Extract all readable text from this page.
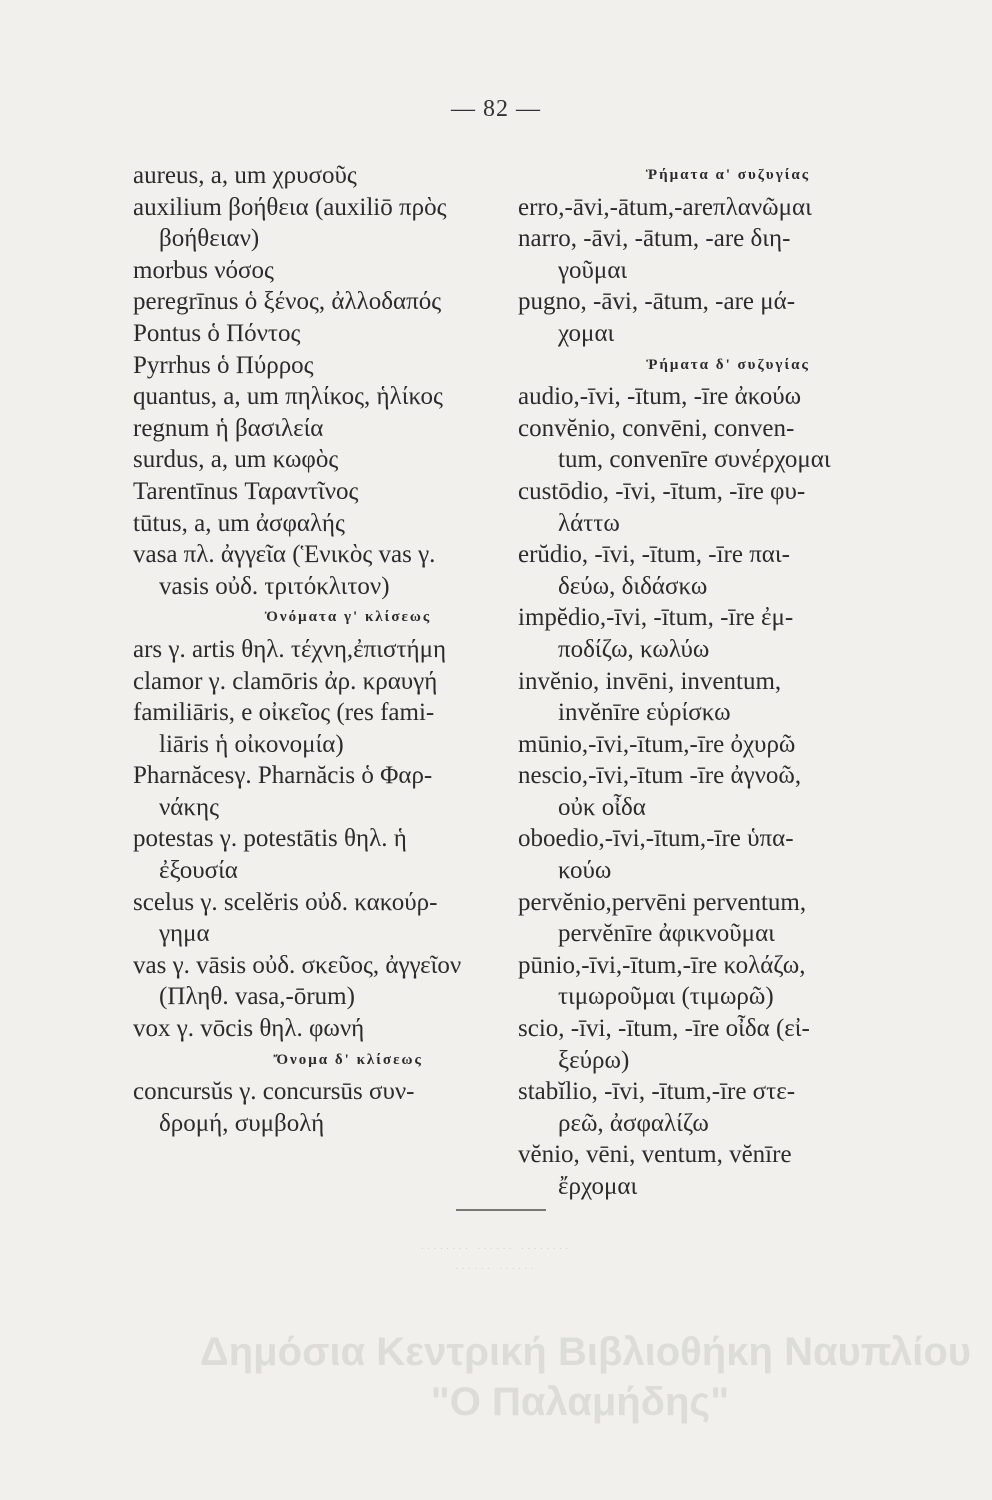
— 82 —
aureus, a, um χρυσοῦς
auxilium βοήθεια (auxiliō πρὸς
βοήθειαν)
morbus νόσος
peregrīnus ὁ ξένος, ἀλλοδαπός
Pontus ὁ Πόντος
Pyrrhus ὁ Πύρρος
quantus, a, um πηλίκος, ἡλίκος
regnum ἡ βασιλεία
surdus, a, um κωφὸς
Tarentīnus Ταραντῖνος
tūtus, a, um ἀσφαλής
vasa πλ. ἀγγεῖα (Ἑνικὸς vas γ.
vasis οὐδ. τριτόκλιτον)
Ὀνόματα γ' κλίσεως
ars γ. artis θηλ. τέχνη,ἐπιστήμη
clamor γ. clamōris ἀρ. κραυγή
familiāris, e οἰκεῖος (res fami-
liāris ἡ οἰκονομία)
Pharnăcesγ. Pharnăcis ὁ Φαρ-
νάκης
potestas γ. potestātis θηλ. ἡ
ἐξουσία
scelus γ. scelĕris οὐδ. κακούρ-
γημα
vas γ. vāsis οὐδ. σκεῦος, ἀγγεῖον
(Πληθ. vasa,-ōrum)
vox γ. vōcis θηλ. φωνή
Ὄνομα δ' κλίσεως
concursŭs γ. concursūs συν-
δρομή, συμβολή
Ῥήματα α' συζυγίας
erro,-āvi,-ātum,-areπλανῶμαι
narro, -āvi, -ātum, -are διη-
γοῦμαι
pugno, -āvi, -ātum, -are μά-
χομαι
Ῥήματα δ' συζυγίας
audio,-īvi, -ītum, -īre ἀκούω
convĕnio, convēni, conven-
tum, convenīre συνέρχομαι
custōdio, -īvi, -ītum, -īre φυ-
λάττω
erŭdio, -īvi, -ītum, -īre παι-
δεύω, διδάσκω
impĕdio,-īvi, -ītum, -īre ἐμ-
ποδίζω, κωλύω
invĕnio, invēni, inventum,
invĕnīre εὑρίσκω
mūnio,-īvi,-ītum,-īre ὀχυρῶ
nescio,-īvi,-ītum -īre ἀγνοῶ,
οὐκ οἶδα
oboedio,-īvi,-ītum,-īre ὑπα-
κούω
pervĕnio,pervēni perventum,
pervĕnīre ἀφικνοῦμαι
pūnio,-īvi,-ītum,-īre κολάζω,
τιμωροῦμαι (τιμωρῶ)
scio, -īvi, -ītum, -īre οἶδα (εἰ-
ξεύρω)
stabĭlio, -īvi, -ītum,-īre στε-
ρεῶ, ἀσφαλίζω
vĕnio, vēni, ventum, vĕnīre
ἔρχομαι
········ ······ ········
······ ······
Δημόσια Κεντρική Βιβλιοθήκη Ναυπλίου
"Ο Παλαμήδης"
